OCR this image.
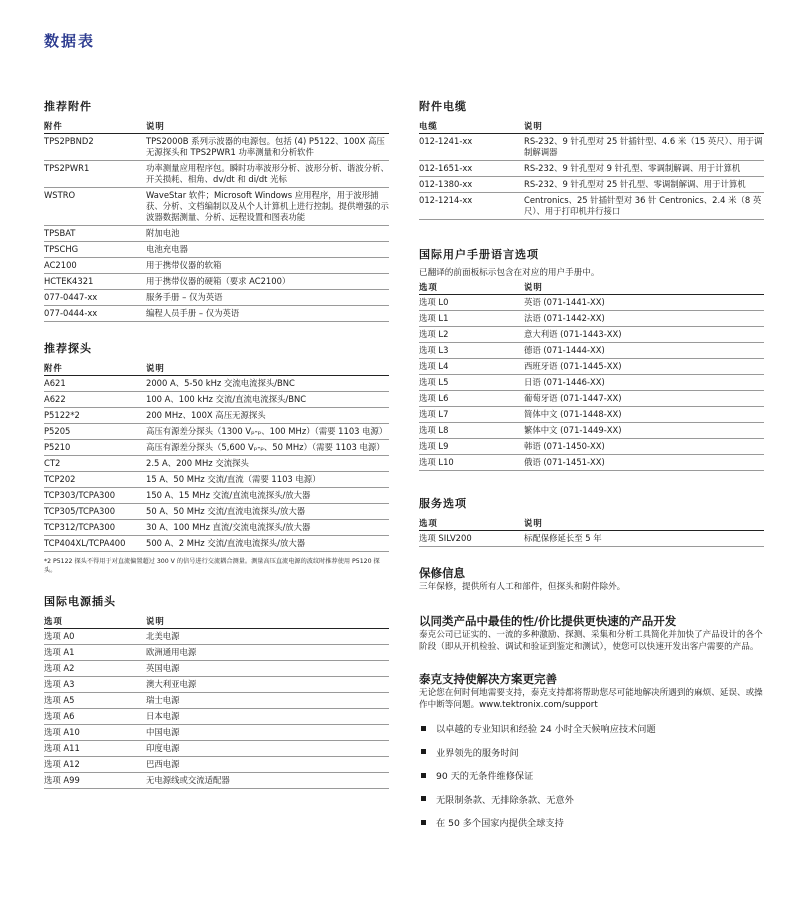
数据表
推荐附件
附件	说明
TPS2PBND2	TPS2000B 系列示波器的电源包。包括 (4) P5122、100X 高压无源探头和 TPS2PWR1 功率测量和分析软件
TPS2PWR1	功率测量应用程序包。瞬时功率波形分析、波形分析、谐波分析、开关损耗、相角、dv/dt 和 di/dt 光标
WSTRO	WaveStar 软件；Microsoft Windows 应用程序，用于波形捕获、分析、文档编制以及从个人计算机上进行控制。提供增强的示波器数据测量、分析、远程设置和图表功能
TPSBAT	附加电池
TPSCHG	电池充电器
AC2100	用于携带仪器的软箱
HCTEK4321	用于携带仪器的硬箱（要求 AC2100）
077-0447-xx	服务手册 – 仅为英语
077-0444-xx	编程人员手册 – 仅为英语
推荐探头
附件	说明
A621	2000 A、5-50 kHz 交流电流探头/BNC
A622	100 A、100 kHz 交流/直流电流探头/BNC
P5122*2	200 MHz、100X 高压无源探头
P5205	高压有源差分探头（1300 Vₚ-ₚ、100 MHz）（需要 1103 电源）
P5210	高压有源差分探头（5,600 Vₚ-ₚ、50 MHz）（需要 1103 电源）
CT2	2.5 A、200 MHz 交流探头
TCP202	15 A、50 MHz 交流/直流（需要 1103 电源）
TCP303/TCPA300	150 A、15 MHz 交流/直流电流探头/放大器
TCP305/TCPA300	50 A、50 MHz 交流/直流电流探头/放大器
TCP312/TCPA300	30 A、100 MHz 直流/交流电流探头/放大器
TCP404XL/TCPA400	500 A、2 MHz 交流/直流电流探头/放大器
*2 P5122 探头不得用于对直流偏置超过 300 V 的信号进行交流耦合测量。测量高压直流电源的波纹时推荐使用 P5120 探头。
国际电源插头
选项	说明
选项 A0	北美电源
选项 A1	欧洲通用电源
选项 A2	英国电源
选项 A3	澳大利亚电源
选项 A5	瑞士电源
选项 A6	日本电源
选项 A10	中国电源
选项 A11	印度电源
选项 A12	巴西电源
选项 A99	无电源线或交流适配器
附件电缆
电缆	说明
012-1241-xx	RS-232、9 针孔型对 25 针插针型、4.6 米（15 英尺）、用于调制解调器
012-1651-xx	RS-232、9 针孔型对 9 针孔型、零调制解调、用于计算机
012-1380-xx	RS-232、9 针孔型对 25 针孔型、零调制解调、用于计算机
012-1214-xx	Centronics、25 针插针型对 36 针 Centronics、2.4 米（8 英尺）、用于打印机并行接口
国际用户手册语言选项
已翻译的前面板标示包含在对应的用户手册中。
选项	说明
选项 L0	英语 (071-1441-XX)
选项 L1	法语 (071-1442-XX)
选项 L2	意大利语 (071-1443-XX)
选项 L3	德语 (071-1444-XX)
选项 L4	西班牙语 (071-1445-XX)
选项 L5	日语 (071-1446-XX)
选项 L6	葡萄牙语 (071-1447-XX)
选项 L7	简体中文 (071-1448-XX)
选项 L8	繁体中文 (071-1449-XX)
选项 L9	韩语 (071-1450-XX)
选项 L10	俄语 (071-1451-XX)
服务选项
选项	说明
选项 SILV200	标配保修延长至 5 年
保修信息
三年保修，提供所有人工和部件，但探头和附件除外。
以同类产品中最佳的性/价比提供更快速的产品开发
泰克公司已证实的、一流的多种激励、探测、采集和分析工具简化并加快了产品设计的各个阶段（即从开机检验、调试和验证到鉴定和测试），使您可以快速开发出客户需要的产品。
泰克支持使解决方案更完善
无论您在何时何地需要支持，泰克支持都将帮助您尽可能地解决所遇到的麻烦、延误、或操作中断等问题。www.tektronix.com/support
以卓越的专业知识和经验 24 小时全天候响应技术问题
业界领先的服务时间
90 天的无条件维修保证
无限制条款、无排除条款、无意外
在 50 多个国家内提供全球支持
